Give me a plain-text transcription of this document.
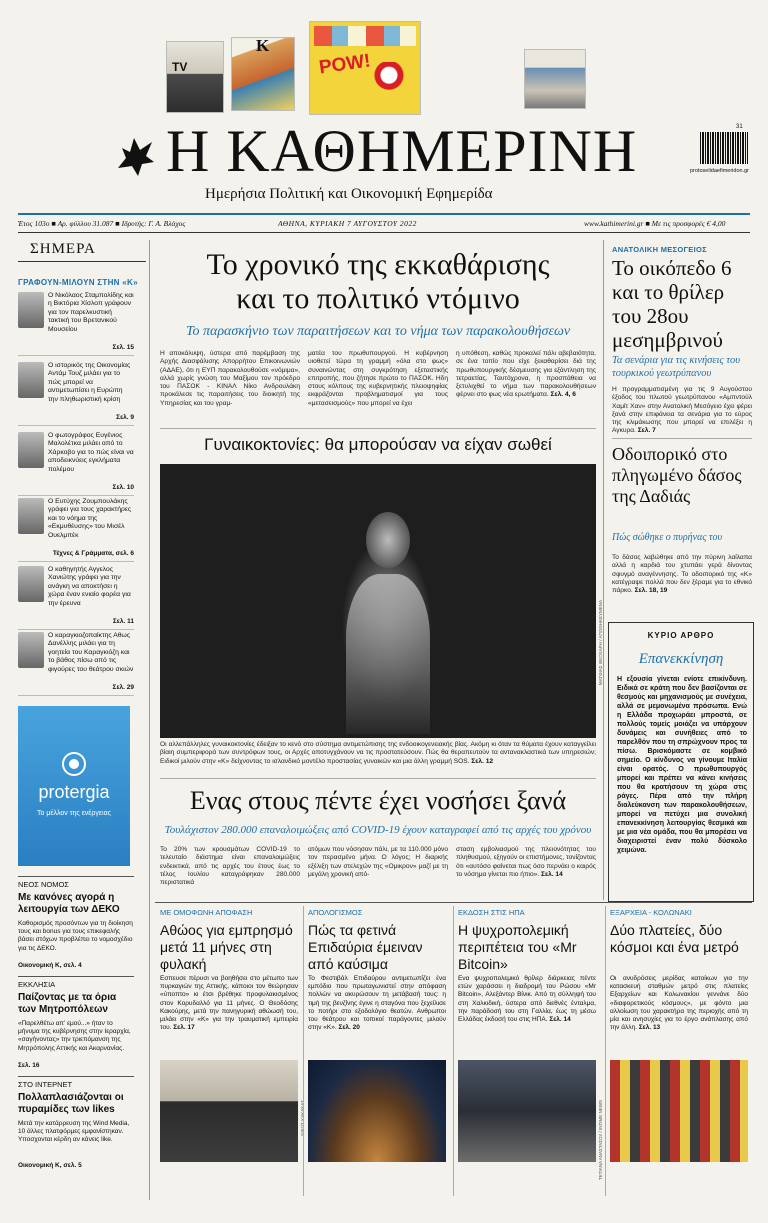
TV
K
POW!
Η ΚΑΘΗΜΕΡΙΝΗ
Ημερήσια Πολιτική και Οικονομική Εφημερίδα
31
protoselidaefimeridon.gr
Έτος 103ο ■ Αρ. φύλλου 31.087 ■ Ιδρυτής: Γ. Α. Βλάχος	ΑΘΗΝΑ, ΚΥΡΙΑΚΗ 7 ΑΥΓΟΥΣΤΟΥ 2022	www.kathimerini.gr ■ Με τις προσφορές € 4,00
ΣΗΜΕΡΑ
ΓΡΑΦΟΥΝ-ΜΙΛΟΥΝ ΣΤΗΝ «Κ»
Ο Νικόλαος Σταμπολίδης και η Βικτόρια Χίσλοπ γράφουν για τον παρελκυστική τακτική του Βρετανικού Μουσείου
Σελ. 15
Ο ιστορικός της Οικονομίας Αντάμ Τουζ μιλάει για το πώς μπορεί να αντιμετωπίσει η Ευρώπη την πληθωριστική κρίση
Σελ. 9
Ο φωτογράφος Ευγένιος Μαλολέτκα μιλάει από το Χάρκοβο για το πώς είναι να αποδεικνύεις εγκλήματα πολέμου
Σελ. 10
Ο Ευτύχης Ζουμπουλάκης γράφει για τους χαρακτήρες και το νόημα της «Εκμυθέυσης» του Μισέλ Ουελμπέκ
Τέχνες & Γράμματα, σελ. 6
Ο καθηγητής Αγγελος Χανιώτης γράφει για την ανάγκη να αποκτήσει η χώρα έναν ενιαίο φορέα για την έρευνα
Σελ. 11
Ο καραγκιοζοπαίκτης Αθως Δανέλλης μιλάει για τη γοητεία του Καραγκιόζη και το βάθος πίσω από τις φιγούρες του θεάτρου σκιών
Σελ. 29
protergia
Το μέλλον της ενέργειας
ΝΕΟΣ ΝΟΜΟΣ
Με κανόνες αγορά η λειτουργία των ΔΕΚΟ
Καθορισμός προσόντων για τη διοίκηση τους και bonus για τους επικεφαλής βάσει στόχων προβλέπει το νομοσχέδιο για τις ΔΕΚΟ.
Οικονομική Κ, σελ. 4
ΕΚΚΛΗΣΙΑ
Παίζοντας με τα όρια των Μητροπόλεων
«Παρελθέτω απ' εμού...» ήταν το μήνυμα της κυβέρνησης στην Ιεραρχία, «σαγήνοντας» την τριεπόμανση της Μητρόπολης Αττικής και Ακαρνανίας.
Σελ. 16
ΣΤΟ ΙΝΤΕΡΝΕΤ
Πολλαπλασιάζονται οι πυραμίδες των likes
Μετά την κατάρρευση της Wind Media, 10 άλλες πλατφόρμες εμφανίστηκαν. Υποσχονται κέρδη αν κάνεις like.
Οικονομική Κ, σελ. 5
Το χρονικό της εκκαθάρισης
και το πολιτικό ντόμινο
Το παρασκήνιο των παραιτήσεων και το νήμα των παρακολουθήσεων
Η αποκάλυψη, ύστερα από παρέμβαση της Αρχής Διασφάλισης Απορρήτου Επικοινωνιών (ΑΔΑΕ), ότι η ΕΥΠ παρακολουθούσε «νόμιμα», αλλά χωρίς γνώση του Μαξίμου τον πρόεδρο του ΠΑΣΟΚ - ΚΙΝΑΛ Νίκο Ανδρουλάκη προκάλεσε τις παραιτήσεις του διοικητή της Υπηρεσίας και του γραμ-
ματέα του πρωθυπουργού. Η κυβέρνηση υιοθετεί τώρα τη γραμμή «όλα στο φως» συναινώντας στη συγκρότηση εξεταστικής επιτροπής, που ζήτησε πρώτο το ΠΑΣΟΚ. Ηδη στους κόλπους της κυβερνητικής πλειοψηφίας εκφράζονται προβληματισμοί για τους «μετασεισμούς» που μπορεί να έχει
η υπόθεση, καθώς προκαλεί πάλι αβεβαιότητα, σε ένα τοπίο που είχε ξεκαθαρίσει διά της πρωθυπουργικής δέσμευσης για εξάντληση της τετραετίας. Ταυτόχρονα, η προσπάθεια να ξετυλιχθεί το νήμα των παρακολουθήσεων φέρνει στο φως νέα ερωτήματα. Σελ. 4, 6
Γυναικοκτονίες: θα μπορούσαν να είχαν σωθεί
ΜΑΤΘΙΑΣ ΘΕΟΧΑΡΗ / ΑΠΟΘΗΚΕΥΜΕΝΑ
Οι αλλεπάλληλες γυναικοκτονίες έδειξαν το κενό στο σύστημα αντιμετώπισης της ενδοοικογενειακής βίας. Ακόμη κι όταν τα θύματα έχουν καταγγείλει βίαιη συμπεριφορά των συντρόφων τους, οι Αρχές αποτυγχάνουν να τις προστατεύσουν. Πώς θα θεραπευτούν τα αντανακλαστικά των υπηρεσιών; Ειδικοί μιλούν στην «Κ» δείχνοντας το ισλανδικό μοντέλο προστασίας γυναικών και μια άλλη γραμμή SOS. Σελ. 12
Ενας στους πέντε έχει νοσήσει ξανά
Τουλάχιστον 280.000 επαναλοιμώξεις από COVID-19 έχουν καταγραφεί από τις αρχές του χρόνου
Το 20% των κρουσμάτων COVID-19 το τελευταίο διάστημα είναι επαναλοιμώξεις ενδεικτικά, από τις αρχές του έτους έως το τέλος Ιουλίου καταγράφηκαν 280.000 περιστατικά
ατόμων που νόσησαν πάλι, με τα 110.000 μόνο τον περασμένο μήνα. Ο λόγος; Η διαρκής εξέλιξη των στελεχών της «Ομικρον» μαζί με τη μεγάλη χρονική από-
σταση εμβολιασμού της πλειονότητας του πληθυσμού, εξηγούν οι επιστήμονες, τονίζοντας ότι «αυτόσο φαίνεται πως όσο περνάει ο καιρός το νόσημα γίνεται πιο ήπιο». Σελ. 14
ΑΝΑΤΟΛΙΚΗ ΜΕΣΟΓΕΙΟΣ
Το οικόπεδο 6 και το θρίλερ του 28ου μεσημβρινού
Τα σενάρια για τις κινήσεις του τουρκικού γεωτρύπανου
Η προγραμματισμένη για τις 9 Αυγούστου έξοδος του πλωτού γεωτρύπανου «Αμπντούλ Χαμίτ Χαν» στην Ανατολική Μεσόγειο έχει φέρει ξανά στην επιφάνεια τα σενάρια για το εύρος της κλιμάκωσης που μπορεί να επιλέξει η Αγκυρα. Σελ. 7
Οδοιπορικό στο πληγωμένο δάσος της Δαδιάς
Πώς σώθηκε ο πυρήνας του
Το δάσος λαβώθηκε από την πύρινη λαίλαπα αλλά η καρδιά του χτυπάει γερά δίνοντας σφυγμό αναγέννησης. Το οδοιπορικό της «Κ» κατέγραψε πολλά που δεν ξέραμε για το εθνικό πάρκο. Σελ. 18, 19
ΚΥΡΙΟ ΑΡΘΡΟ
Επανεκκίνηση
Η εξουσία γίνεται ενίοτε επικίνδυνη. Ειδικά σε κράτη που δεν βασίζονται σε θεσμούς και μηχανισμούς με συνέχεια, αλλά σε μεμονωμένα πρόσωπα. Ενώ η Ελλάδα προχωράει μπροστά, σε πολλούς τομείς μοιάζει να υπάρχουν δυνάμεις και συνήθειες από το παρελθόν που τη σπρώχνουν προς τα πίσω. Βρισκόμαστε σε κομβικό σημείο. Ο κίνδυνος να γίνουμε Ιταλία είναι ορατός. Ο πρωθυπουργός μπορεί και πρέπει να κάνει κινήσεις που θα κρατήσουν τη χώρα στις ράγες. Πέρα από την πλήρη διαλεύκανση των παρακολουθήσεων, μπορεί να πετύχει μια συνολική επανεκκίνηση λειτουργίας θεσμικά και με μια νέα ομάδα, που θα μπορέσει να διαχειριστεί έναν πολύ δύσκολο χειμώνα.
ΜΕ ΟΜΟΦΩΝΗ ΑΠΟΦΑΣΗ
Αθώος για εμπρησμό μετά 11 μήνες στη φυλακή
Εσπευσε πέρυσι να βοηθήσει στο μέτωπο των πυρκαγιών της Αττικής, κάποιοι τον θεώρησαν «ύποπτο» κι έτσι βρέθηκε προφυλακισμένος στον Κορυδαλλό για 11 μήνες. Ο Θεοδόσης Κακούρης, μετά την πανηγυρική αθώωσή του, μιλάει στην «Κ» για την τραυματική εμπειρία του. Σελ. 17
ΑΠΟΛΟΓΙΣΜΟΣ
Πώς τα φετινά Επιδαύρια έμειναν από καύσιμα
Το Φεστιβάλ Επιδαύρου αντιμετωπίζει ένα εμπόδιο που πρωταγωνιστεί στην απόφαση πολλών να ακυρώσουν τη μετάβασή τους: η τιμή της βενζίνης έγινε η σταγόνα που ξεχείλισε το ποτήρι στο εξοδολόγιο θεατών. Ανθρωποι του θεάτρου και τοπικοί παράγοντες μιλούν στην «Κ». Σελ. 20
ΕΚΔΟΣΗ ΣΤΙΣ ΗΠΑ
Η ψυχροπολεμική περιπέτεια του «Mr Bitcoin»
Ενα ψυχροπολεμικό θρίλερ διάρκειας πέντε ετών χαράσσει η διαδρομή του Ρώσου «Mr Bitcoin», Αλεξάντερ Βίνικ. Από τη σύλληψή του στη Χαλκιδική, ύστερα από διεθνές ένταλμα, την παράδοσή του στη Γαλλία, έως τη μέσω Ελλάδας έκδοσή του στις ΗΠΑ. Σελ. 14
ΤΕΤΙΑΝΑ ΑΝΑΣΤΑΣΟΥ / INTIME NEWS
ΕΞΑΡΧΕΙΑ - ΚΟΛΩΝΑΚΙ
Δύο πλατείες, δύο κόσμοι και ένα μετρό
Οι ανυδρόσεις μερίδας κατοίκων για την κατασκευή σταθμών μετρό στις πλατείες Εξαρχείων και Κολωνακίου γεννάνε δύο «διαφορετικούς κόσμους», με φόντο μια αλλοίωση του χαρακτήρα της περιοχής από τη μία και ανησυχίες για το έργο ανάπλασης από την άλλη. Σελ. 13
